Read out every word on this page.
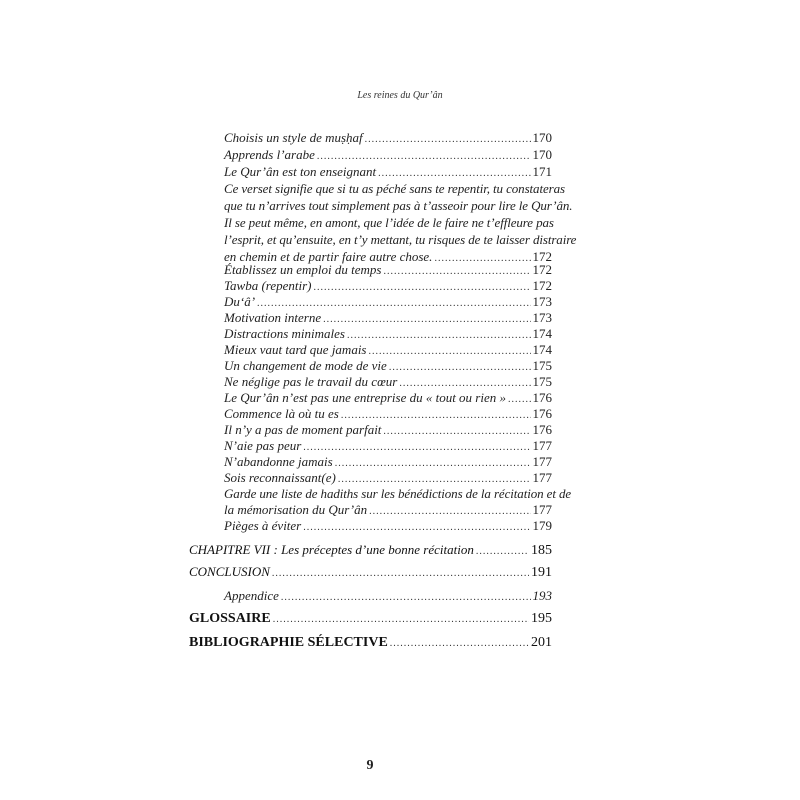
Les reines du Qur’ân
Choisis un style de muṣḥaf .....	170
Apprends l’arabe .....	170
Le Qur’ân est ton enseignant .....	171
Ce verset signifie que si tu as péché sans te repentir, tu constateras
que tu n’arrives tout simplement pas à t’asseoir pour lire le Qur’ân.
Il se peut même, en amont, que l’idée de le faire ne t’effleure pas
l’esprit, et qu’ensuite, en t’y mettant, tu risques de te laisser distraire
en chemin et de partir faire autre chose. .....	172
Établissez un emploi du temps .....	172
Tawba (repentir) .....	172
Du‘â’ .....	173
Motivation interne .....	173
Distractions minimales .....	174
Mieux vaut tard que jamais .....	174
Un changement de mode de vie .....	175
Ne néglige pas le travail du cœur .....	175
Le Qur’ân n’est pas une entreprise du « tout ou rien » ..... 176
Commence là où tu es .....	176
Il n’y a pas de moment parfait .....	176
N’aie pas peur .....	177
N’abandonne jamais .....	177
Sois reconnaissant(e) .....	177
Garde une liste de hadiths sur les bénédictions de la récitation et de
la mémorisation du Qur’ân .....	177
Pièges à éviter .....	179
CHAPITRE VII : Les préceptes d’une bonne récitation .....	185
CONCLUSION .....	191
Appendice .....	193
GLOSSAIRE .....	195
BIBLIOGRAPHIE SÉLECTIVE .....	201
9
